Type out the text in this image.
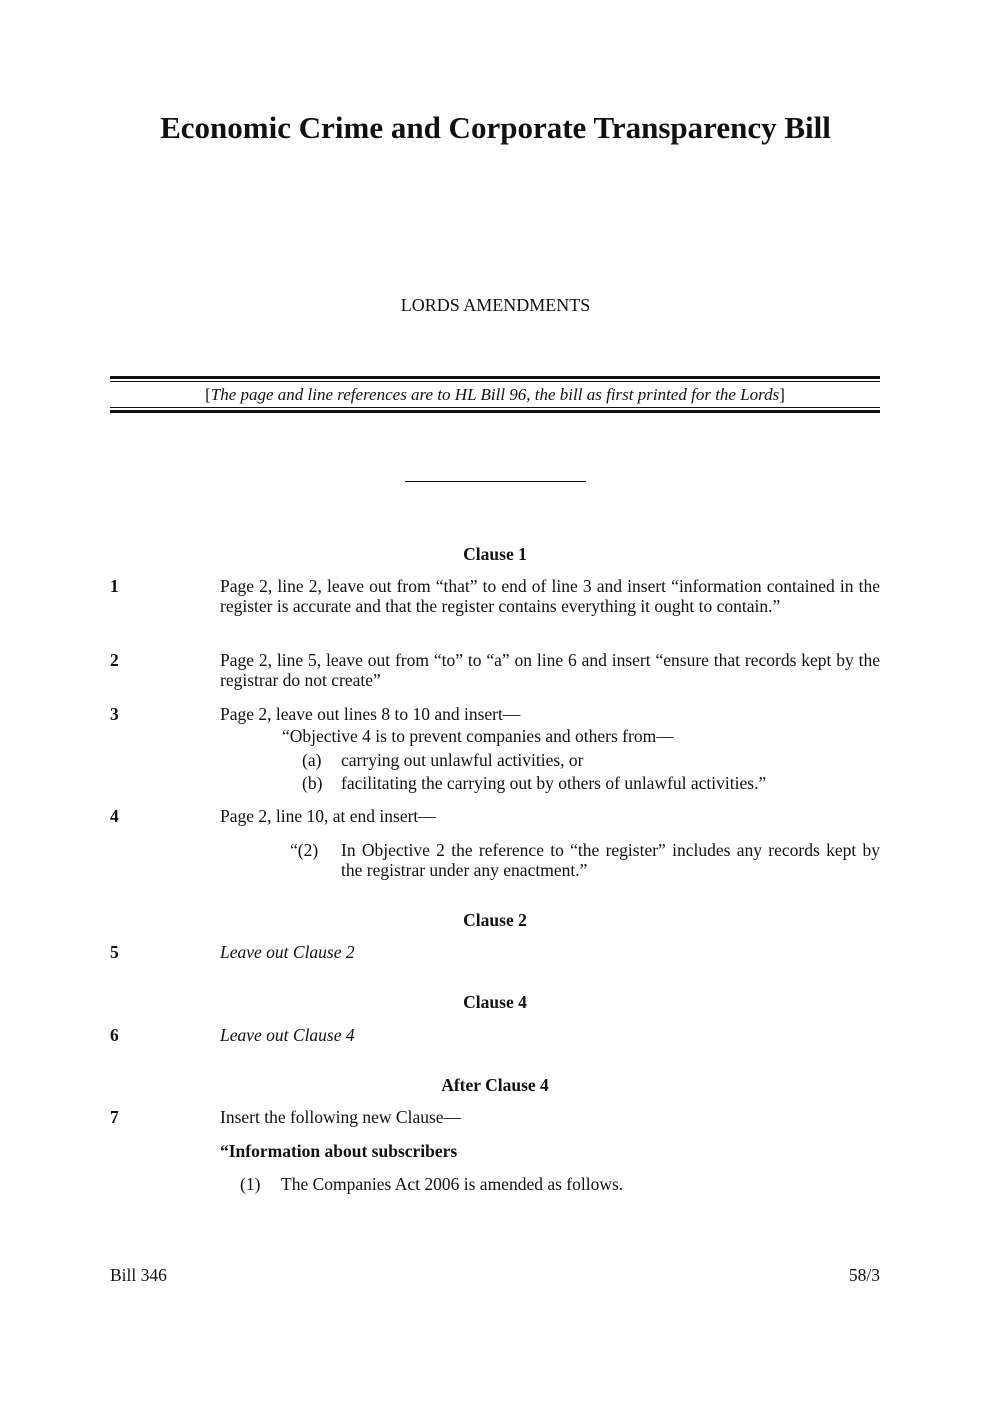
Economic Crime and Corporate Transparency Bill
LORDS AMENDMENTS
[The page and line references are to HL Bill 96, the bill as first printed for the Lords]
Clause 1
1	Page 2, line 2, leave out from “that” to end of line 3 and insert “information contained in the register is accurate and that the register contains everything it ought to contain.”
2	Page 2, line 5, leave out from “to” to “a” on line 6 and insert “ensure that records kept by the registrar do not create”
3	Page 2, leave out lines 8 to 10 and insert—
“Objective 4 is to prevent companies and others from—
(a) carrying out unlawful activities, or
(b) facilitating the carrying out by others of unlawful activities.”
4	Page 2, line 10, at end insert—
“(2) In Objective 2 the reference to “the register” includes any records kept by the registrar under any enactment.”
Clause 2
5	Leave out Clause 2
Clause 4
6	Leave out Clause 4
After Clause 4
7	Insert the following new Clause—
“Information about subscribers
(1) The Companies Act 2006 is amended as follows.
Bill 346	58/3
